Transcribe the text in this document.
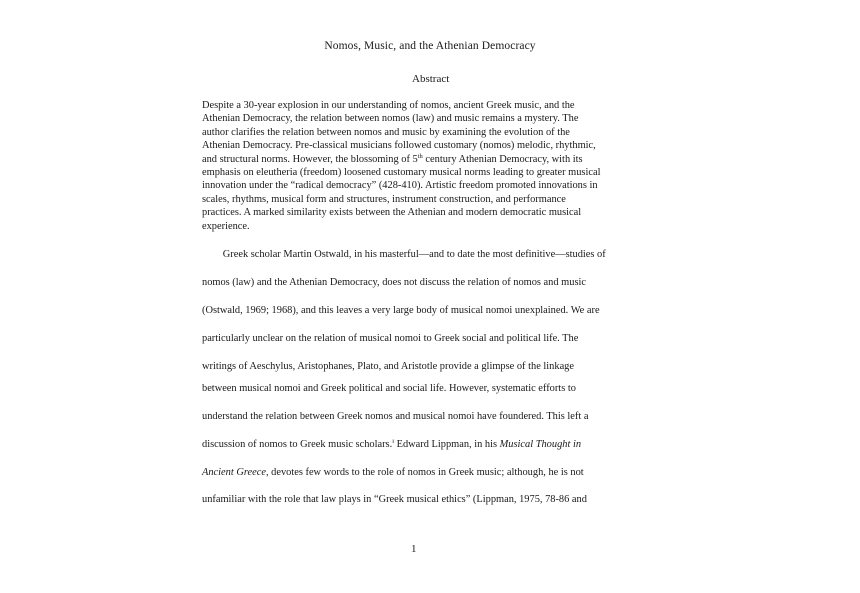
Nomos, Music, and the Athenian Democracy
Abstract

Despite a 30-year explosion in our understanding of nomos, ancient Greek music, and the
Athenian Democracy, the relation between nomos (law) and music remains a mystery. The
author clarifies the relation between nomos and music by examining the evolution of the
Athenian Democracy. Pre-classical musicians followed customary (nomos) melodic, rhythmic,
and structural norms. However, the blossoming of 5th century Athenian Democracy, with its
emphasis on eleutheria (freedom) loosened customary musical norms leading to greater musical
innovation under the “radical democracy” (428-410). Artistic freedom promoted innovations in
scales, rhythms, musical form and structures, instrument construction, and performance
practices. A marked similarity exists between the Athenian and modern democratic musical
experience.

Greek scholar Martin Ostwald, in his masterful—and to date the most definitive—studies of
nomos (law) and the Athenian Democracy, does not discuss the relation of nomos and music
(Ostwald, 1969; 1968), and this leaves a very large body of musical nomoi unexplained. We are
particularly unclear on the relation of musical nomoi to Greek social and political life. The
writings of Aeschylus, Aristophanes, Plato, and Aristotle provide a glimpse of the linkage
between musical nomoi and Greek political and social life. However, systematic efforts to
understand the relation between Greek nomos and musical nomoi have foundered. This left a
discussion of nomos to Greek music scholars.$^i$ Edward Lippman, in his Musical Thought in
Ancient Greece, devotes few words to the role of nomos in Greek music; although, he is not
unfamiliar with the role that law plays in “Greek musical ethics” (Lippman, 1975, 78-86 and
1
